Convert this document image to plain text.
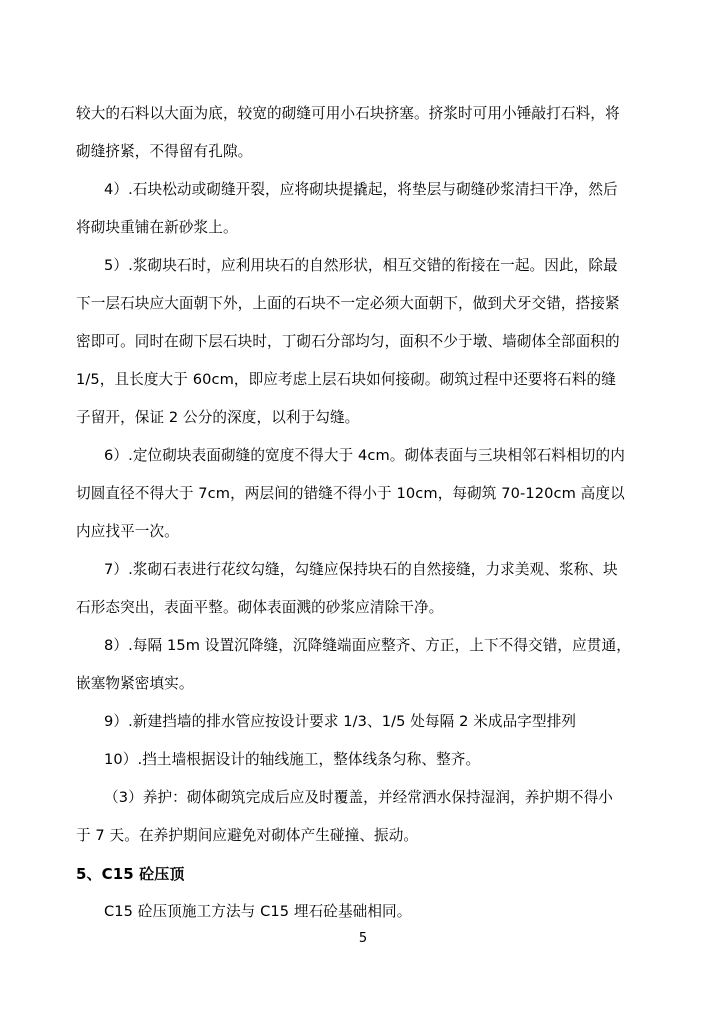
较大的石料以大面为底，较宽的砌缝可用小石块挤塞。挤浆时可用小锤敲打石料，将
砌缝挤紧，不得留有孔隙。
4）.石块松动或砌缝开裂，应将砌块提撬起，将垫层与砌缝砂浆清扫干净，然后
将砌块重铺在新砂浆上。
5）.浆砌块石时，应利用块石的自然形状，相互交错的衔接在一起。因此，除最
下一层石块应大面朝下外，上面的石块不一定必须大面朝下，做到犬牙交错，搭接紧
密即可。同时在砌下层石块时，丁砌石分部均匀，面积不少于墩、墙砌体全部面积的
1/5，且长度大于 60cm，即应考虑上层石块如何接砌。砌筑过程中还要将石料的缝
子留开，保证 2 公分的深度，以利于勾缝。
6）.定位砌块表面砌缝的宽度不得大于 4cm。砌体表面与三块相邻石料相切的内
切圆直径不得大于 7cm，两层间的错缝不得小于 10cm，每砌筑 70-120cm 高度以
内应找平一次。
7）.浆砌石表进行花纹勾缝，勾缝应保持块石的自然接缝，力求美观、浆称、块
石形态突出，表面平整。砌体表面溅的砂浆应清除干净。
8）.每隔 15m 设置沉降缝，沉降缝端面应整齐、方正，上下不得交错，应贯通，
嵌塞物紧密填实。
9）.新建挡墙的排水管应按设计要求 1/3、1/5 处每隔 2 米成品字型排列
10）.挡土墙根据设计的轴线施工，整体线条匀称、整齐。
（3）养护：砌体砌筑完成后应及时覆盖，并经常洒水保持湿润，养护期不得小
于 7 天。在养护期间应避免对砌体产生碰撞、振动。
5、C15 砼压顶
C15 砼压顶施工方法与 C15 埋石砼基础相同。
5
